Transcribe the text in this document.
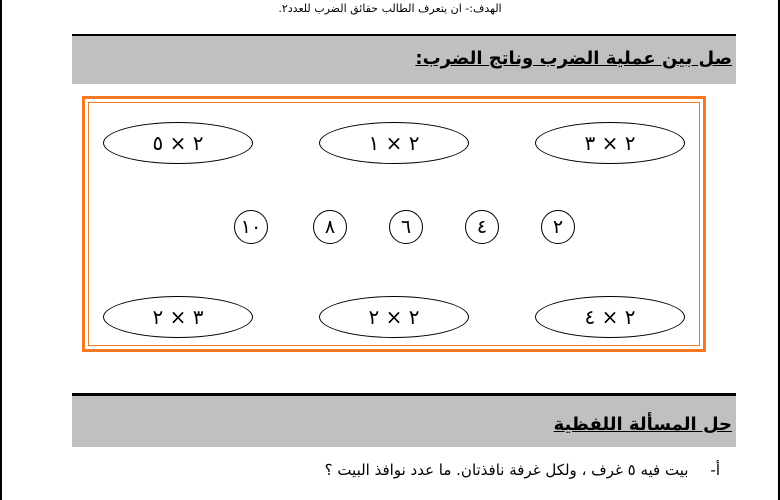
الهدف:- ان يتعرف الطالب حقائق الضرب للعدد٢.
صل بين عملية الضرب وناتج الضرب:
٢ × ٣
٢ × ١
٢ × ٥
٢
٤
٦
٨
١٠
٢ × ٤
٢ × ٢
٣ × ٢
حل المسألة اللفظية
أ-بيت فيه ٥ غرف ، ولكل غرفة نافذتان. ما عدد نوافذ البيت ؟
